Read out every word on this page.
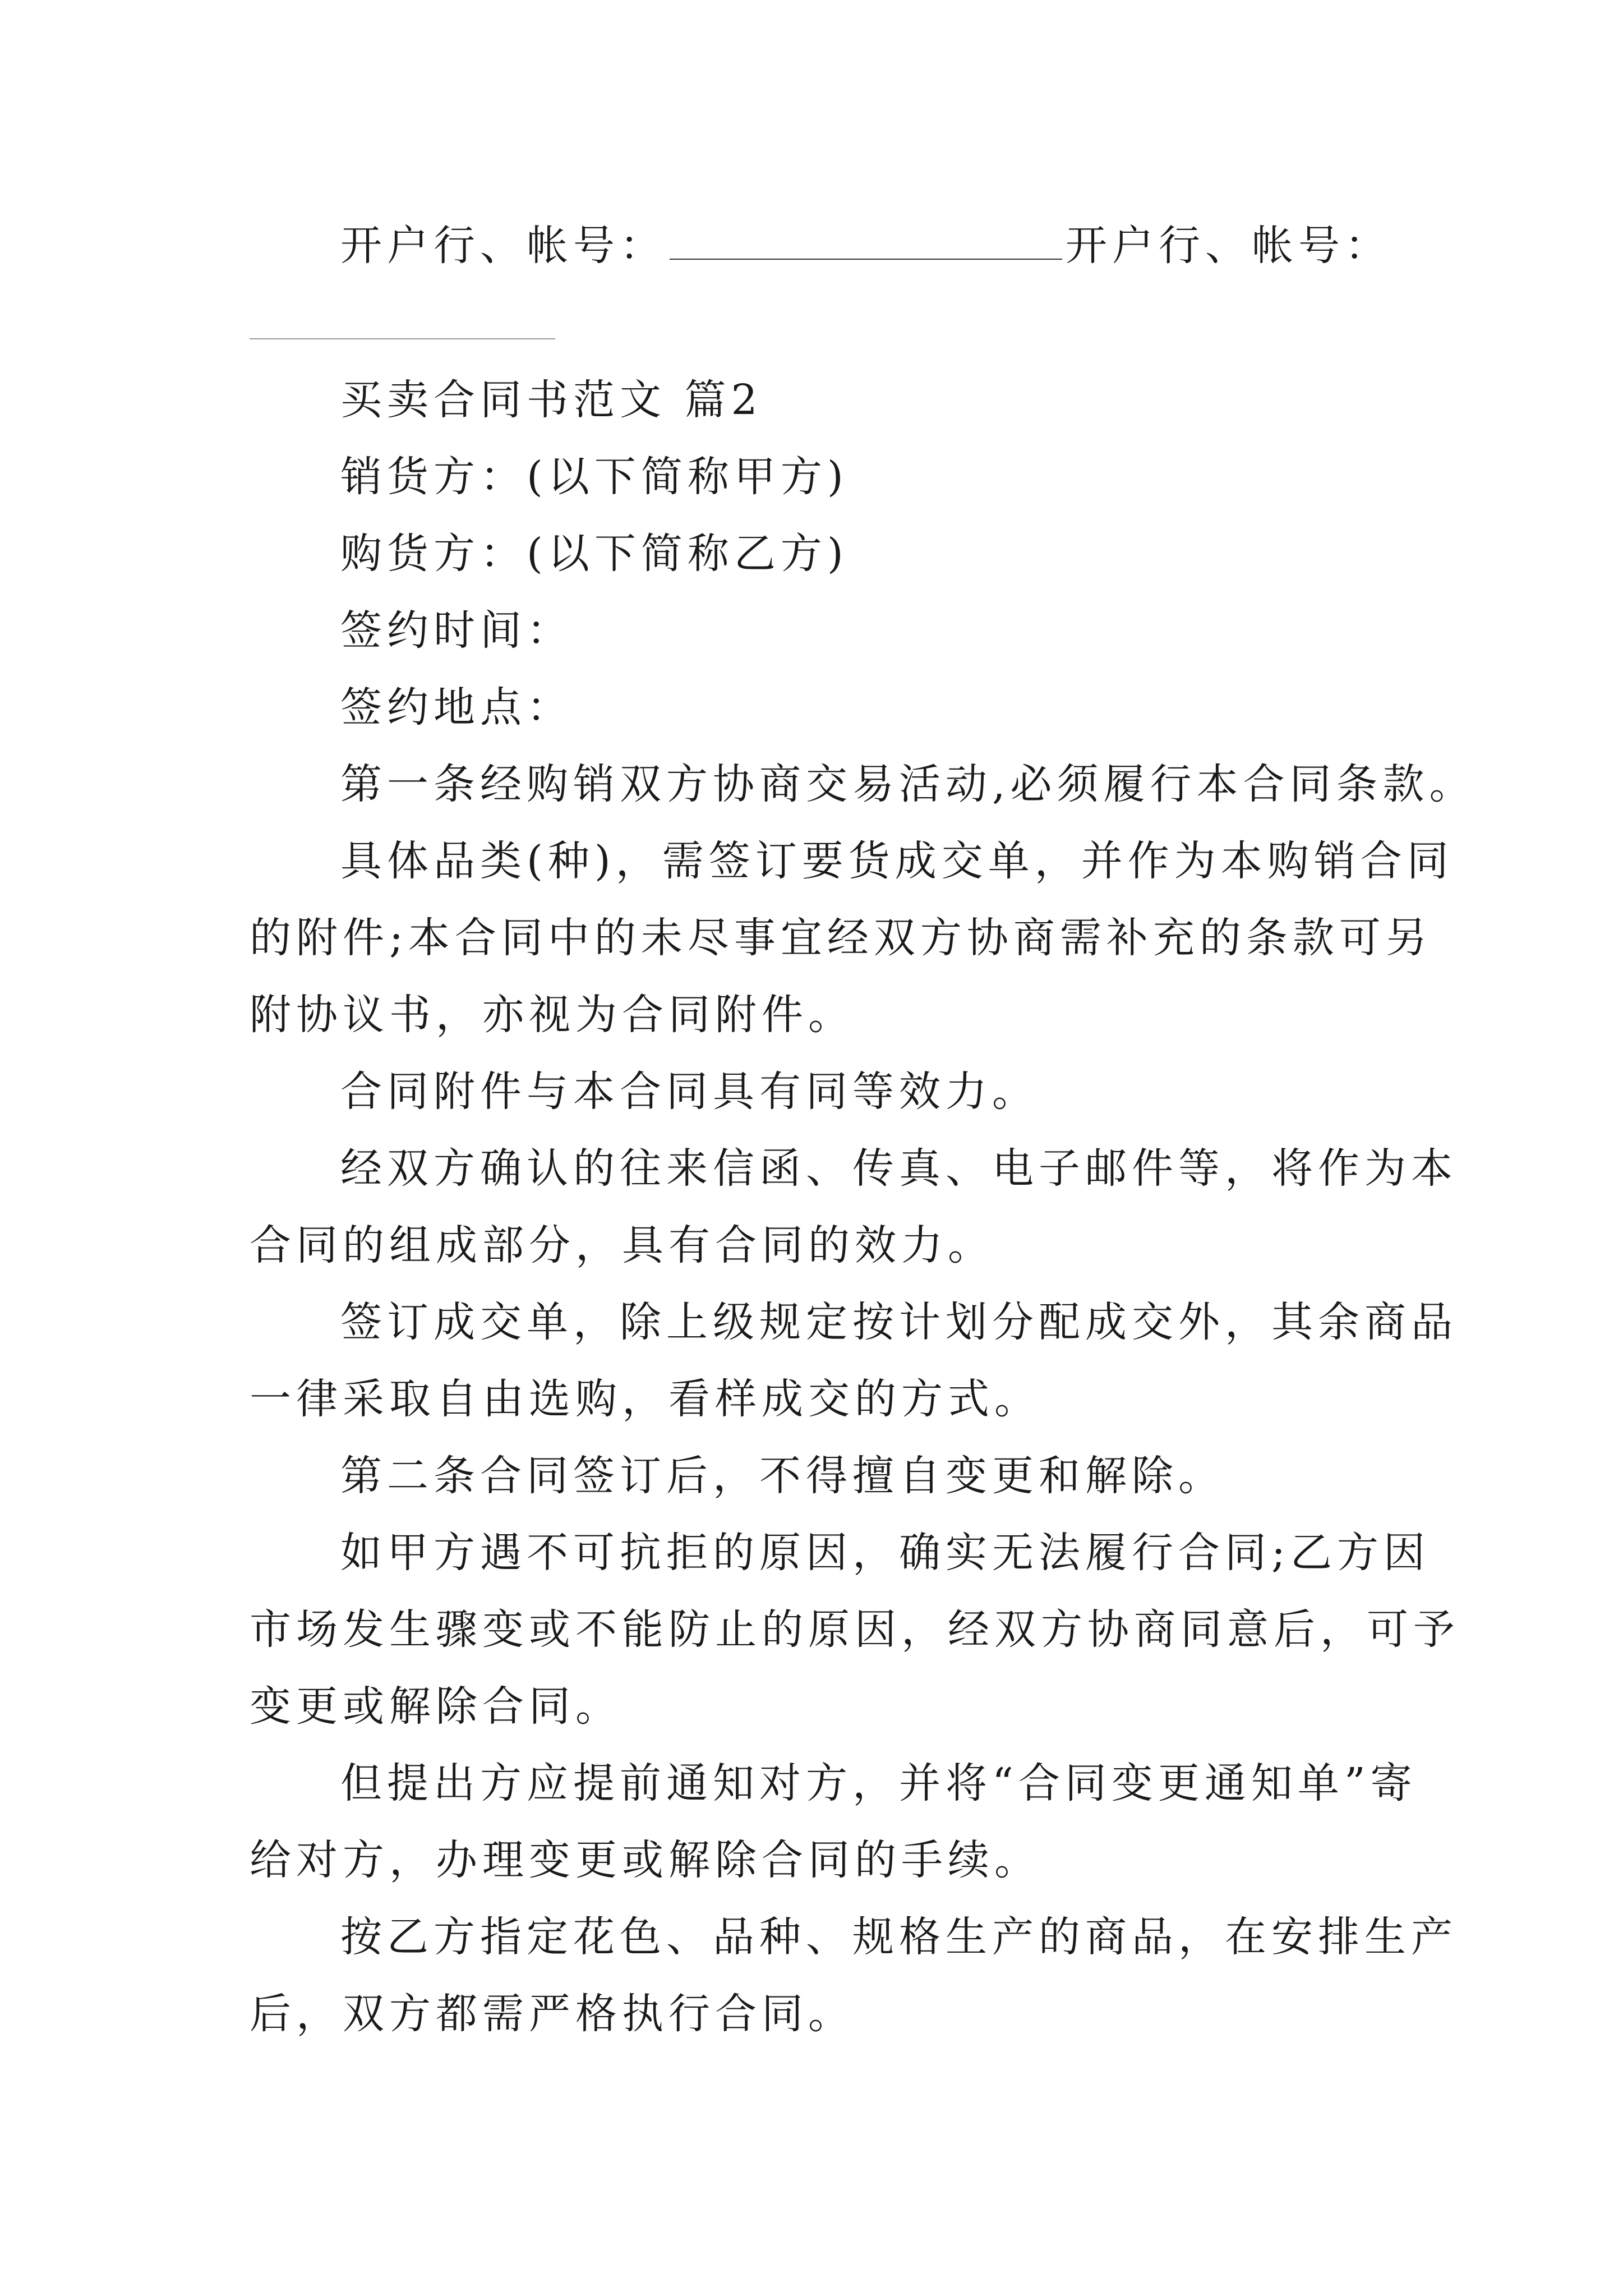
开户行、帐号：	开户行、帐号：
买卖合同书范文 篇2
销货方：(以下简称甲方)
购货方：(以下简称乙方)
签约时间：
签约地点：
第一条经购销双方协商交易活动,必须履行本合同条款。
具体品类(种)，需签订要货成交单，并作为本购销合同
的附件;本合同中的未尽事宜经双方协商需补充的条款可另
附协议书，亦视为合同附件。
合同附件与本合同具有同等效力。
经双方确认的往来信函、传真、电子邮件等，将作为本
合同的组成部分，具有合同的效力。
签订成交单，除上级规定按计划分配成交外，其余商品
一律采取自由选购，看样成交的方式。
第二条合同签订后，不得擅自变更和解除。
如甲方遇不可抗拒的原因，确实无法履行合同;乙方因
市场发生骤变或不能防止的原因，经双方协商同意后，可予
变更或解除合同。
但提出方应提前通知对方，并将“合同变更通知单”寄
给对方，办理变更或解除合同的手续。
按乙方指定花色、品种、规格生产的商品，在安排生产
后，双方都需严格执行合同。
